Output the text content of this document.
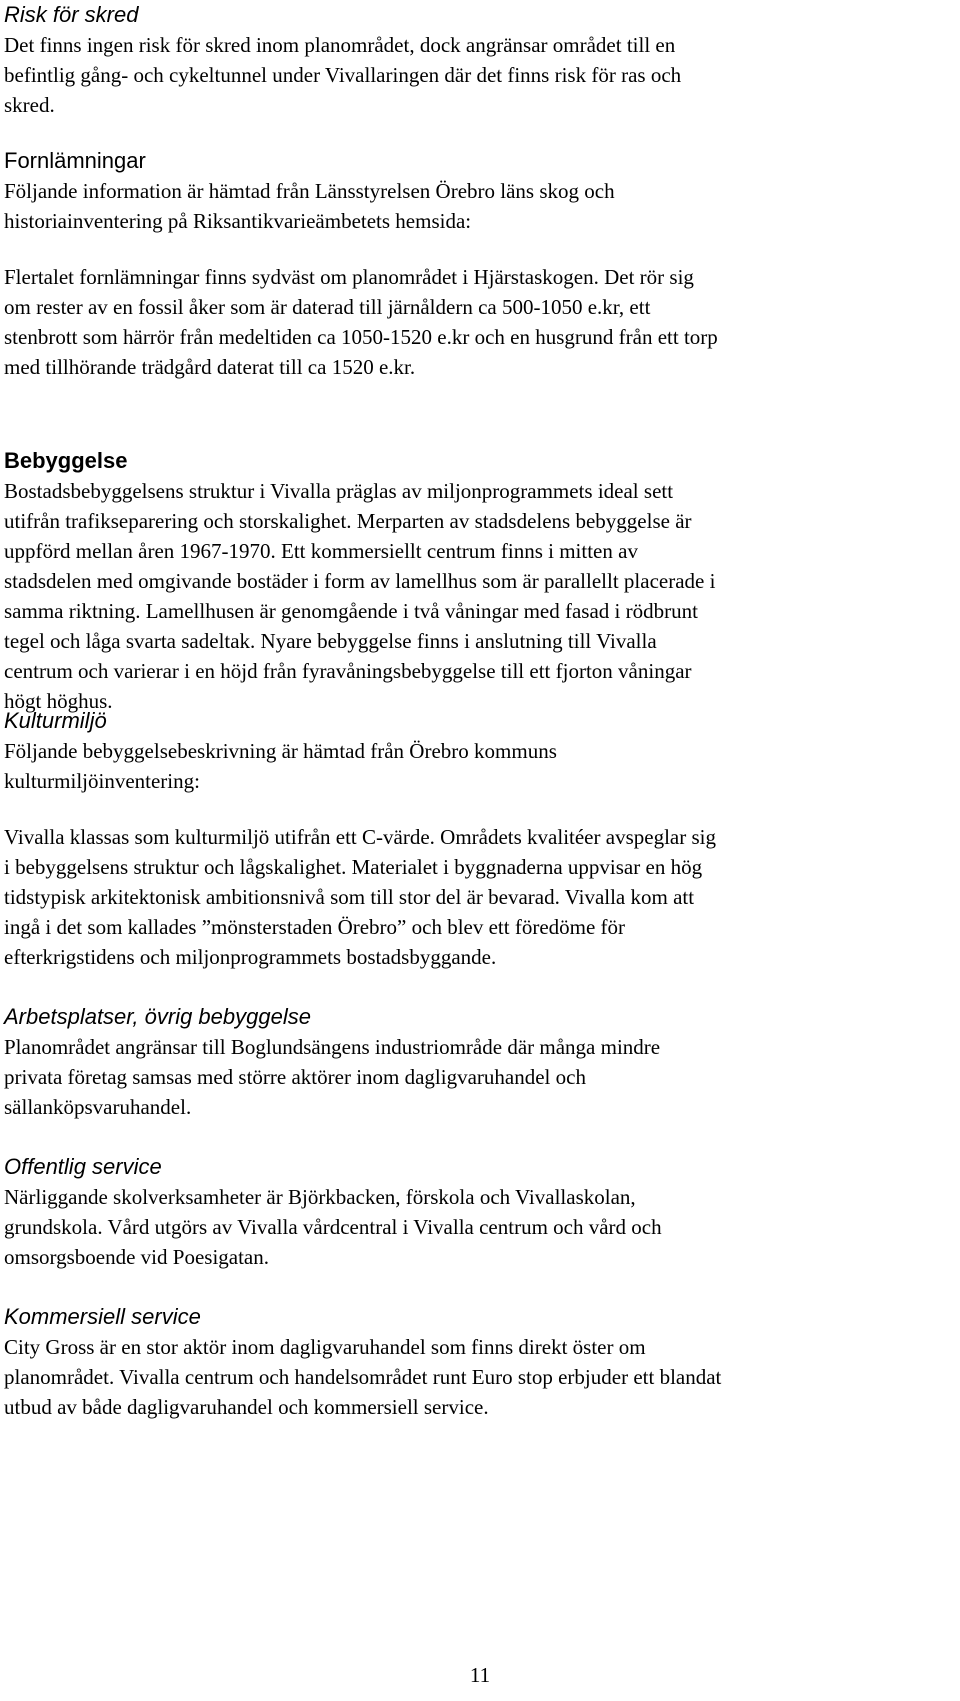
Risk för skred

Det finns ingen risk för skred inom planområdet, dock angränsar området till en
befintlig gång- och cykeltunnel under Vivallaringen där det finns risk för ras och
skred.

Fornlämningar

Följande information är hämtad från Länsstyrelsen Örebro läns skog och
historiainventering på Riksantikvarieämbetets hemsida:

Flertalet fornlämningar finns sydväst om planområdet i Hjärstaskogen. Det rör sig
om rester av en fossil åker som är daterad till järnåldern ca 500-1050 e.kr, ett
stenbrott som härrör från medeltiden ca 1050-1520 e.kr och en husgrund från ett torp
med tillhörande trädgård daterat till ca 1520 e.kr.

Bebyggelse

Bostadsbebyggelsens struktur i Vivalla präglas av miljonprogrammets ideal sett
utifrån trafikseparering och storskalighet. Merparten av stadsdelens bebyggelse är
uppförd mellan åren 1967-1970. Ett kommersiellt centrum finns i mitten av
stadsdelen med omgivande bostäder i form av lamellhus som är parallellt placerade i
samma riktning. Lamellhusen är genomgående i två våningar med fasad i rödbrunt
tegel och låga svarta sadeltak. Nyare bebyggelse finns i anslutning till Vivalla
centrum och varierar i en höjd från fyravåningsbebyggelse till ett fjorton våningar
högt höghus.

Kulturmiljö

Följande bebyggelsebeskrivning är hämtad från Örebro kommuns
kulturmiljöinventering:

Vivalla klassas som kulturmiljö utifrån ett C-värde. Områdets kvalitéer avspeglar sig
i bebyggelsens struktur och lågskalighet. Materialet i byggnaderna uppvisar en hög
tidstypisk arkitektonisk ambitionsnivå som till stor del är bevarad. Vivalla kom att
ingå i det som kallades ”mönsterstaden Örebro” och blev ett föredöme för
efterkrigstidens och miljonprogrammets bostadsbyggande.

Arbetsplatser, övrig bebyggelse

Planområdet angränsar till Boglundsängens industriområde där många mindre
privata företag samsas med större aktörer inom dagligvaruhandel och
sällanköpsvaruhandel.

Offentlig service

Närliggande skolverksamheter är Björkbacken, förskola och Vivallaskolan,
grundskola. Vård utgörs av Vivalla vårdcentral i Vivalla centrum och vård och
omsorgsboende vid Poesigatan.

Kommersiell service

City Gross är en stor aktör inom dagligvaruhandel som finns direkt öster om
planområdet. Vivalla centrum och handelsområdet runt Euro stop erbjuder ett blandat
utbud av både dagligvaruhandel och kommersiell service.

11
